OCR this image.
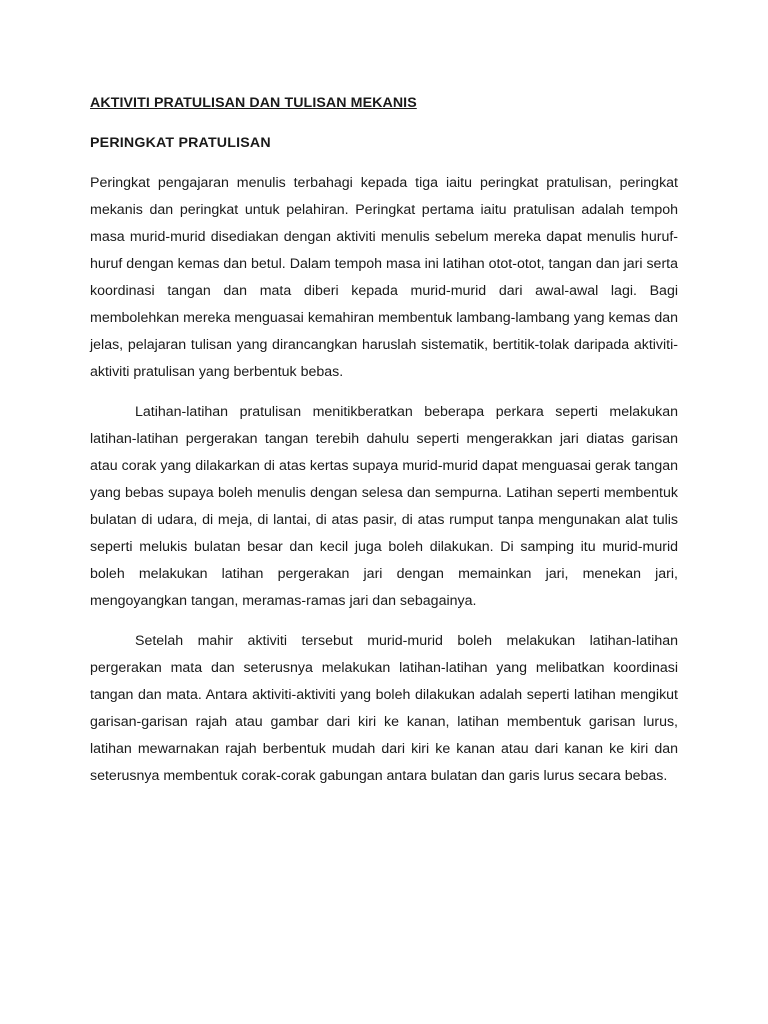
AKTIVITI PRATULISAN DAN TULISAN MEKANIS
PERINGKAT PRATULISAN

Peringkat pengajaran menulis terbahagi kepada tiga iaitu peringkat pratulisan, peringkat mekanis dan peringkat untuk pelahiran. Peringkat pertama iaitu pratulisan adalah tempoh masa murid-murid disediakan dengan aktiviti menulis sebelum mereka dapat menulis huruf-huruf dengan kemas dan betul. Dalam tempoh masa ini latihan otot-otot, tangan dan jari serta koordinasi tangan dan mata diberi kepada murid-murid dari awal-awal lagi. Bagi membolehkan mereka menguasai kemahiran membentuk lambang-lambang yang kemas dan jelas, pelajaran tulisan yang dirancangkan haruslah sistematik, bertitik-tolak daripada aktiviti-aktiviti pratulisan yang berbentuk bebas.

Latihan-latihan pratulisan menitikberatkan beberapa perkara seperti melakukan latihan-latihan pergerakan tangan terebih dahulu seperti mengerakkan jari diatas garisan atau corak yang dilakarkan di atas kertas supaya murid-murid dapat menguasai gerak tangan yang bebas supaya boleh menulis dengan selesa dan sempurna. Latihan seperti membentuk bulatan di udara, di meja, di lantai, di atas pasir, di atas rumput tanpa mengunakan alat tulis seperti melukis bulatan besar dan kecil juga boleh dilakukan. Di samping itu murid-murid boleh melakukan latihan pergerakan jari dengan memainkan jari, menekan jari, mengoyangkan tangan, meramas-ramas jari dan sebagainya.

Setelah mahir aktiviti tersebut murid-murid boleh melakukan latihan-latihan pergerakan mata dan seterusnya melakukan latihan-latihan yang melibatkan koordinasi tangan dan mata. Antara aktiviti-aktiviti yang boleh dilakukan adalah seperti latihan mengikut garisan-garisan rajah atau gambar dari kiri ke kanan, latihan membentuk garisan lurus, latihan mewarnakan rajah berbentuk mudah dari kiri ke kanan atau dari kanan ke kiri dan seterusnya membentuk corak-corak gabungan antara bulatan dan garis lurus secara bebas.
